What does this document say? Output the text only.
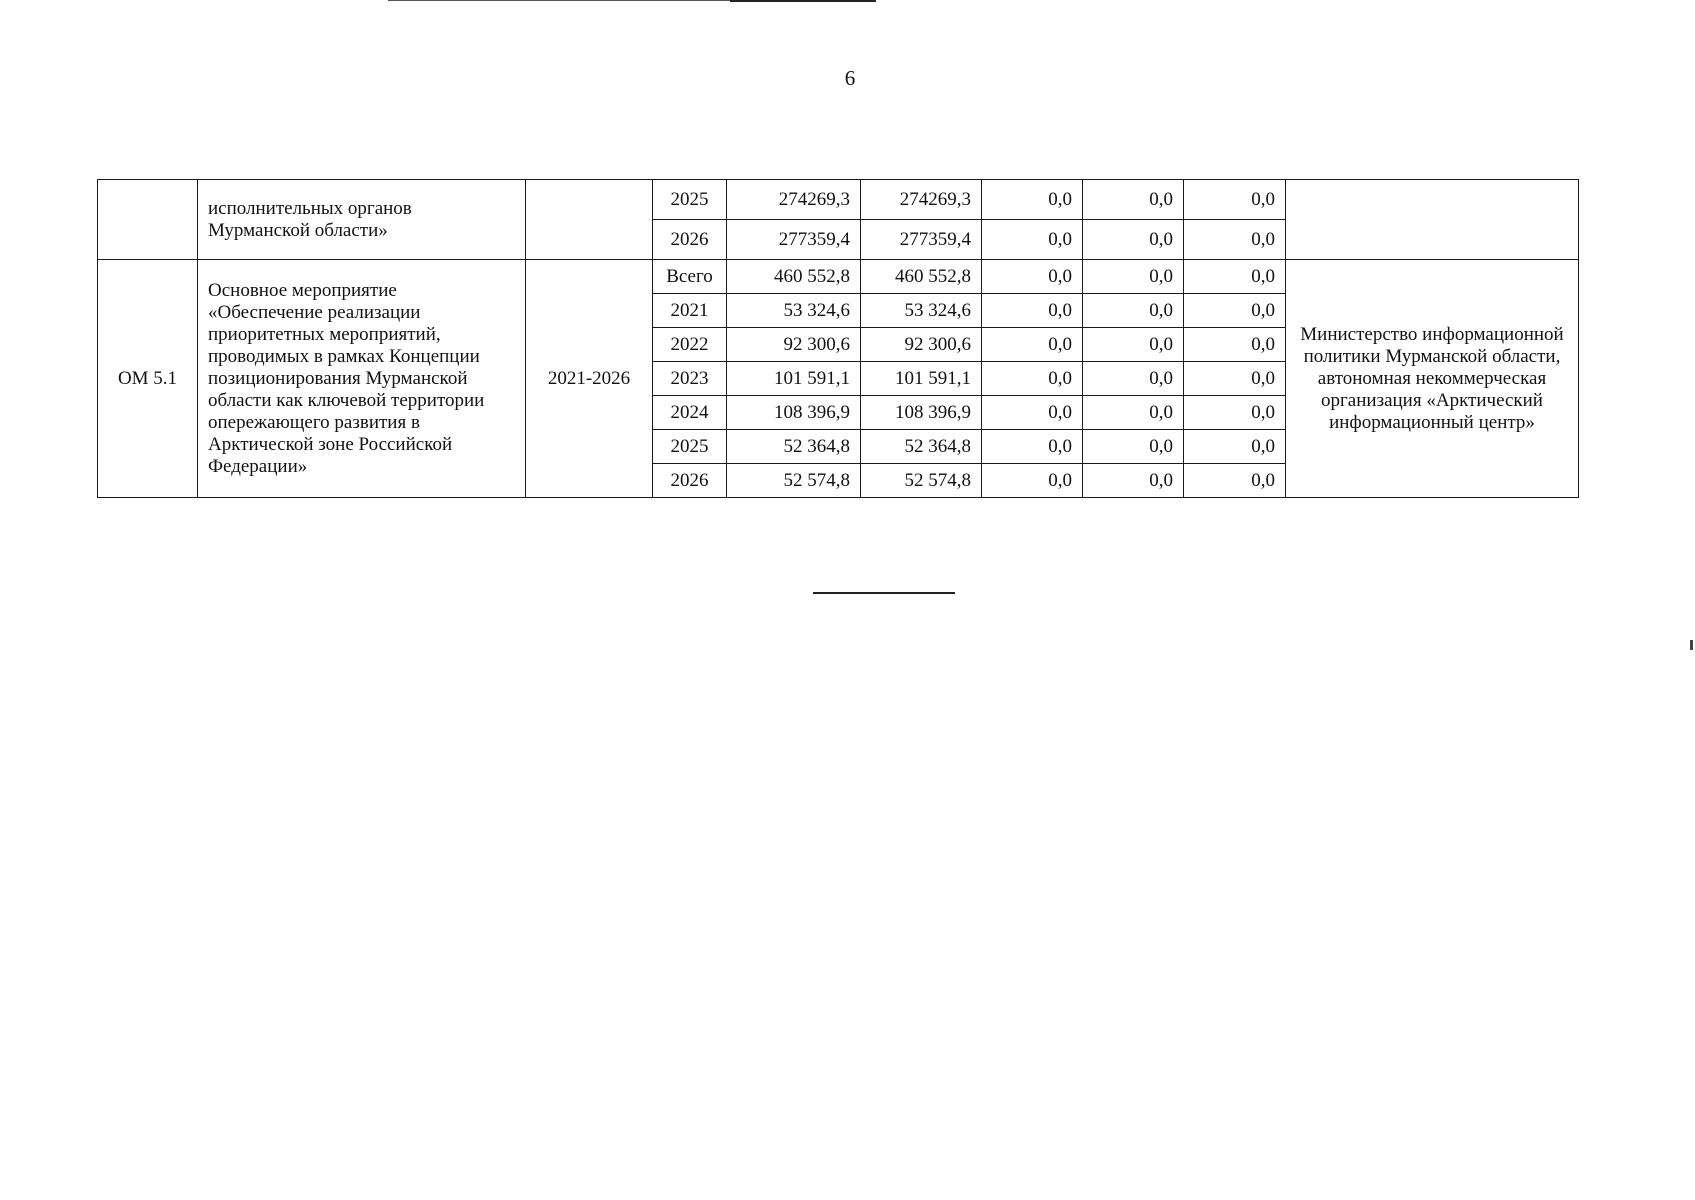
6
	исполнительных органов Мурманской области»		2025	274269,3	274269,3	0,0	0,0	0,0	
			2026	277359,4	277359,4	0,0	0,0	0,0	
ОМ 5.1	Основное мероприятие «Обеспечение реализации приоритетных мероприятий, проводимых в рамках Концепции позиционирования Мурманской области как ключевой территории опережающего развития в Арктической зоне Российской Федерации»	2021-2026	Всего	460 552,8	460 552,8	0,0	0,0	0,0	Министерство информационной политики Мурманской области, автономная некоммерческая организация «Арктический информационный центр»
			2021	53 324,6	53 324,6	0,0	0,0	0,0	
			2022	92 300,6	92 300,6	0,0	0,0	0,0	
			2023	101 591,1	101 591,1	0,0	0,0	0,0	
			2024	108 396,9	108 396,9	0,0	0,0	0,0	
			2025	52 364,8	52 364,8	0,0	0,0	0,0	
			2026	52 574,8	52 574,8	0,0	0,0	0,0	
